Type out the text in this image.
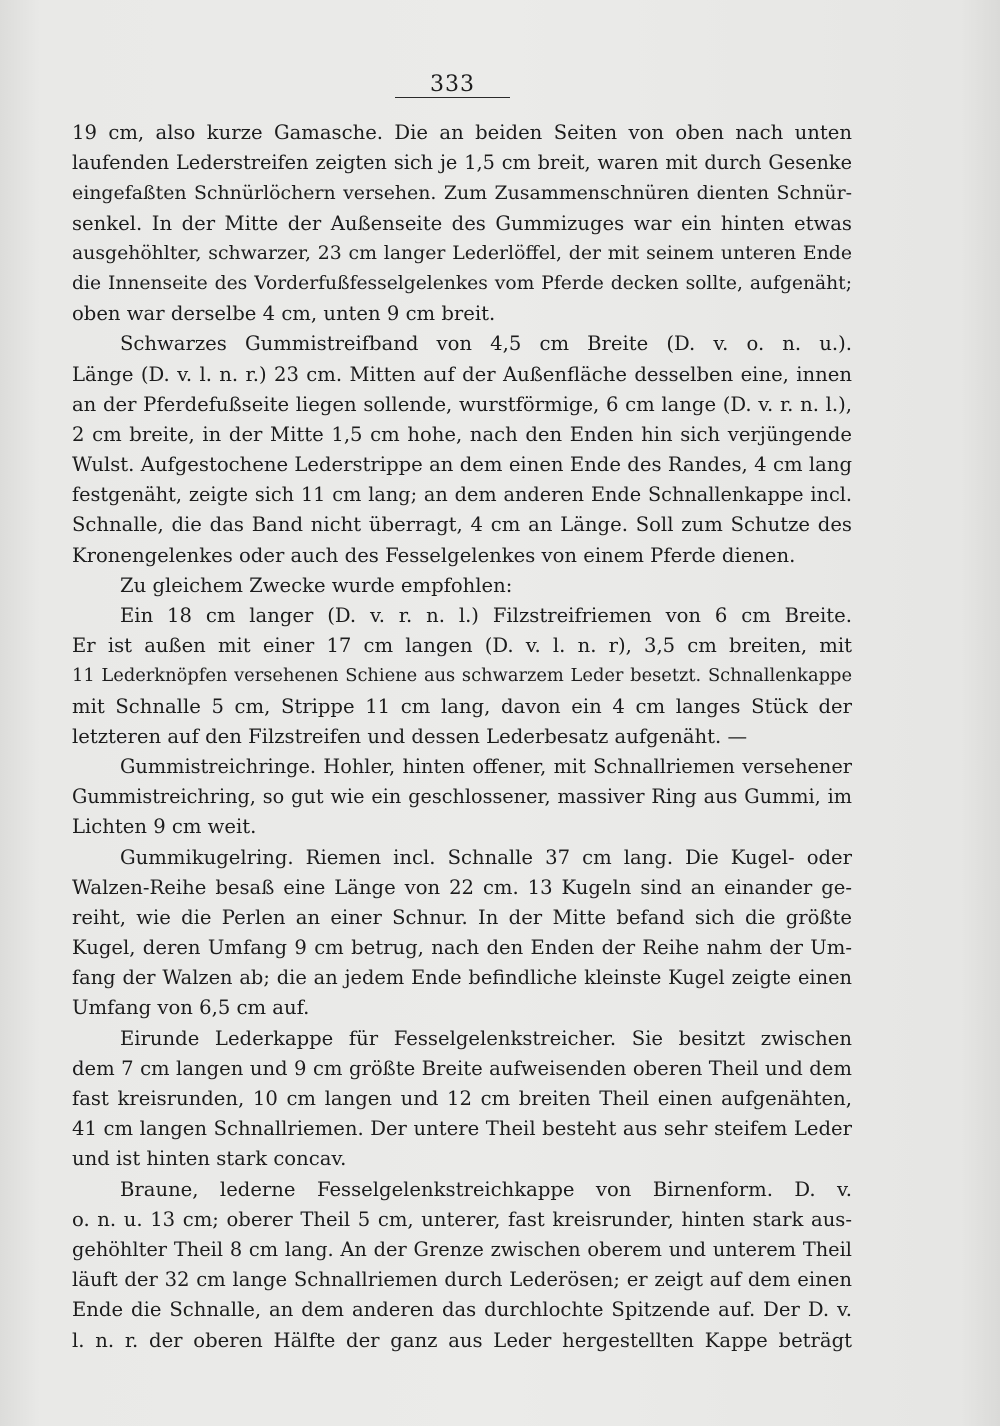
333
19 cm, also kurze Gamasche. Die an beiden Seiten von oben nach unten
laufenden Lederstreifen zeigten sich je 1,5 cm breit, waren mit durch Gesenke
eingefaßten Schnürlöchern versehen. Zum Zusammenschnüren dienten Schnür-
senkel. In der Mitte der Außenseite des Gummizuges war ein hinten etwas
ausgehöhlter, schwarzer, 23 cm langer Lederlöffel, der mit seinem unteren Ende
die Innenseite des Vorderfußfesselgelenkes vom Pferde decken sollte, aufgenäht;
oben war derselbe 4 cm, unten 9 cm breit.
Schwarzes Gummistreifband von 4,5 cm Breite (D. v. o. n. u.).
Länge (D. v. l. n. r.) 23 cm. Mitten auf der Außenfläche desselben eine, innen
an der Pferdefußseite liegen sollende, wurstförmige, 6 cm lange (D. v. r. n. l.),
2 cm breite, in der Mitte 1,5 cm hohe, nach den Enden hin sich verjüngende
Wulst. Aufgestochene Lederstrippe an dem einen Ende des Randes, 4 cm lang
festgenäht, zeigte sich 11 cm lang; an dem anderen Ende Schnallenkappe incl.
Schnalle, die das Band nicht überragt, 4 cm an Länge. Soll zum Schutze des
Kronengelenkes oder auch des Fesselgelenkes von einem Pferde dienen.
Zu gleichem Zwecke wurde empfohlen:
Ein 18 cm langer (D. v. r. n. l.) Filzstreifriemen von 6 cm Breite.
Er ist außen mit einer 17 cm langen (D. v. l. n. r), 3,5 cm breiten, mit
11 Lederknöpfen versehenen Schiene aus schwarzem Leder besetzt. Schnallenkappe
mit Schnalle 5 cm, Strippe 11 cm lang, davon ein 4 cm langes Stück der
letzteren auf den Filzstreifen und dessen Lederbesatz aufgenäht. —
Gummistreichringe. Hohler, hinten offener, mit Schnallriemen versehener
Gummistreichring, so gut wie ein geschlossener, massiver Ring aus Gummi, im
Lichten 9 cm weit.
Gummikugelring. Riemen incl. Schnalle 37 cm lang. Die Kugel- oder
Walzen-Reihe besaß eine Länge von 22 cm. 13 Kugeln sind an einander ge-
reiht, wie die Perlen an einer Schnur. In der Mitte befand sich die größte
Kugel, deren Umfang 9 cm betrug, nach den Enden der Reihe nahm der Um-
fang der Walzen ab; die an jedem Ende befindliche kleinste Kugel zeigte einen
Umfang von 6,5 cm auf.
Eirunde Lederkappe für Fesselgelenkstreicher. Sie besitzt zwischen
dem 7 cm langen und 9 cm größte Breite aufweisenden oberen Theil und dem
fast kreisrunden, 10 cm langen und 12 cm breiten Theil einen aufgenähten,
41 cm langen Schnallriemen. Der untere Theil besteht aus sehr steifem Leder
und ist hinten stark concav.
Braune, lederne Fesselgelenkstreichkappe von Birnenform. D. v.
o. n. u. 13 cm; oberer Theil 5 cm, unterer, fast kreisrunder, hinten stark aus-
gehöhlter Theil 8 cm lang. An der Grenze zwischen oberem und unterem Theil
läuft der 32 cm lange Schnallriemen durch Lederösen; er zeigt auf dem einen
Ende die Schnalle, an dem anderen das durchlochte Spitzende auf. Der D. v.
l. n. r. der oberen Hälfte der ganz aus Leder hergestellten Kappe beträgt
